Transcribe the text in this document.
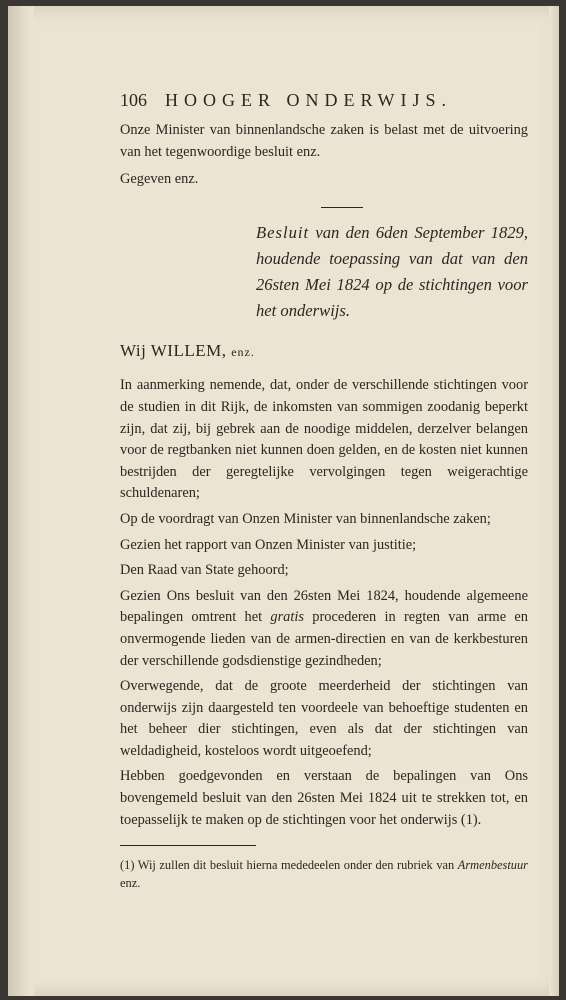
106 HOOGER ONDERWIJS.

Onze Minister van binnenlandsche zaken is belast met de uitvoering van het tegenwoordige besluit enz.

Gegeven enz.

Besluit van den 6den September 1829, houdende toepassing van dat van den 26sten Mei 1824 op de stichtingen voor het onderwijs.
Wij WILLEM, enz.

In aanmerking nemende, dat, onder de verschillende stichtingen voor de studien in dit Rijk, de inkomsten van sommigen zoodanig beperkt zijn, dat zij, bij gebrek aan de noodige middelen, derzelver belangen voor de regtbanken niet kunnen doen gelden, en de kosten niet kunnen bestrijden der geregtelijke vervolgingen tegen weigerachtige schuldenaren;

Op de voordragt van Onzen Minister van binnenlandsche zaken;

Gezien het rapport van Onzen Minister van justitie;

Den Raad van State gehoord;

Gezien Ons besluit van den 26sten Mei 1824, houdende algemeene bepalingen omtrent het gratis procederen in regten van arme en onvermogende lieden van de armen-directien en van de kerkbesturen der verschillende godsdienstige gezindheden;

Overwegende, dat de groote meerderheid der stichtingen van onderwijs zijn daargesteld ten voordeele van behoeftige studenten en het beheer dier stichtingen, even als dat der stichtingen van weldadigheid, kosteloos wordt uitgeoefend;

Hebben goedgevonden en verstaan de bepalingen van Ons bovengemeld besluit van den 26sten Mei 1824 uit te strekken tot, en toepasselijk te maken op de stichtingen voor het onderwijs (1).

(1) Wij zullen dit besluit hierna mededeelen onder den rubriek van Armenbestuur enz.
